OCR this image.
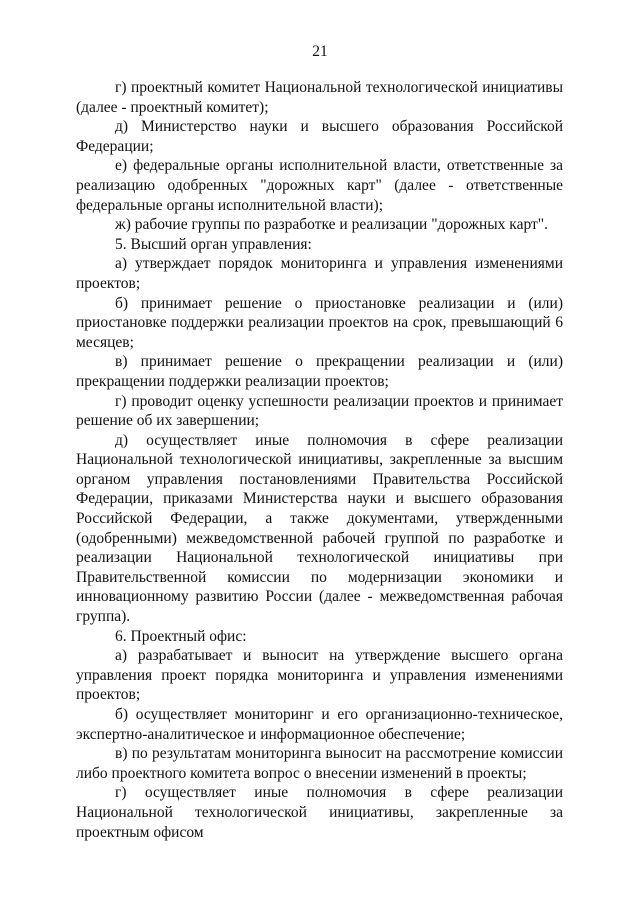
21

г) проектный комитет Национальной технологической инициативы (далее - проектный комитет);

д) Министерство науки и высшего образования Российской Федерации;

е) федеральные органы исполнительной власти, ответственные за реализацию одобренных "дорожных карт" (далее - ответственные федеральные органы исполнительной власти);

ж) рабочие группы по разработке и реализации "дорожных карт".

5. Высший орган управления:

а) утверждает порядок мониторинга и управления изменениями проектов;

б) принимает решение о приостановке реализации и (или) приостановке поддержки реализации проектов на срок, превышающий 6 месяцев;

в) принимает решение о прекращении реализации и (или) прекращении поддержки реализации проектов;

г) проводит оценку успешности реализации проектов и принимает решение об их завершении;

д) осуществляет иные полномочия в сфере реализации Национальной технологической инициативы, закрепленные за высшим органом управления постановлениями Правительства Российской Федерации, приказами Министерства науки и высшего образования Российской Федерации, а также документами, утвержденными (одобренными) межведомственной рабочей группой по разработке и реализации Национальной технологической инициативы при Правительственной комиссии по модернизации экономики и инновационному развитию России (далее - межведомственная рабочая группа).

6. Проектный офис:

а) разрабатывает и выносит на утверждение высшего органа управления проект порядка мониторинга и управления изменениями проектов;

б) осуществляет мониторинг и его организационно-техническое, экспертно-аналитическое и информационное обеспечение;

в) по результатам мониторинга выносит на рассмотрение комиссии либо проектного комитета вопрос о внесении изменений в проекты;

г) осуществляет иные полномочия в сфере реализации Национальной технологической инициативы, закрепленные за проектным офисом
